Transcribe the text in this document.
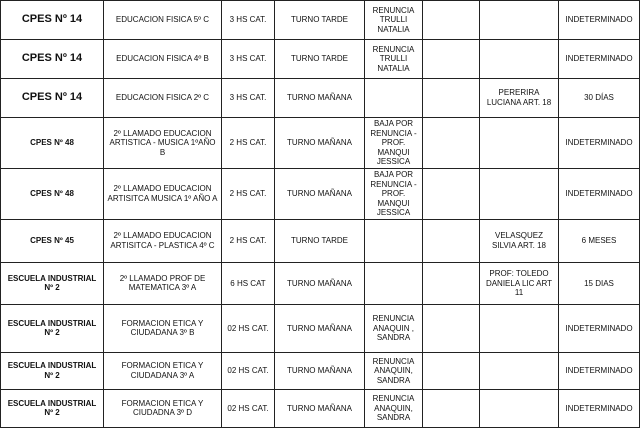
CPES Nº 14	EDUCACION FISICA 5º C	3 HS CAT.	TURNO TARDE	RENUNCIA TRULLI NATALIA			INDETERMINADO
CPES Nº 14	EDUCACION FISICA 4º B	3 HS CAT.	TURNO TARDE	RENUNCIA TRULLI NATALIA			INDETERMINADO
CPES Nº 14	EDUCACION FISICA 2º C	3 HS CAT.	TURNO MAÑANA			PERERIRA LUCIANA ART. 18	30 DÍAS
CPES Nº 48	2º LLAMADO EDUCACION ARTISTICA - MUSICA 1ºAÑO B	2 HS CAT.	TURNO MAÑANA	BAJA POR RENUNCIA - PROF. MANQUI JESSICA			INDETERMINADO
CPES Nº 48	2º LLAMADO EDUCACION ARTISITCA MUSICA 1º AÑO A	2 HS CAT.	TURNO MAÑANA	BAJA POR RENUNCIA - PROF. MANQUI JESSICA			INDETERMINADO
CPES Nº 45	2º LLAMADO EDUCACION ARTISITCA - PLASTICA 4º C	2 HS CAT.	TURNO TARDE			VELASQUEZ SILVIA ART. 18	6 MESES
ESCUELA INDUSTRIAL Nº 2	2º LLAMADO PROF DE MATEMATICA 3º A	6 HS CAT	TURNO MAÑANA			PROF: TOLEDO DANIELA LIC ART 11	15 DIAS
ESCUELA INDUSTRIAL Nº 2	FORMACION ETICA Y CIUDADANA 3º B	02 HS CAT.	TURNO MAÑANA	RENUNCIA ANAQUIN , SANDRA			INDETERMINADO
ESCUELA INDUSTRIAL Nº 2	FORMACION ETICA Y CIUDADANA 3º A	02 HS CAT.	TURNO MAÑANA	RENUNCIA ANAQUIN, SANDRA			INDETERMINADO
ESCUELA INDUSTRIAL Nº 2	FORMACION ETICA Y CIUDADNA 3º D	02 HS CAT.	TURNO MAÑANA	RENUNCIA ANAQUIN, SANDRA			INDETERMINADO
